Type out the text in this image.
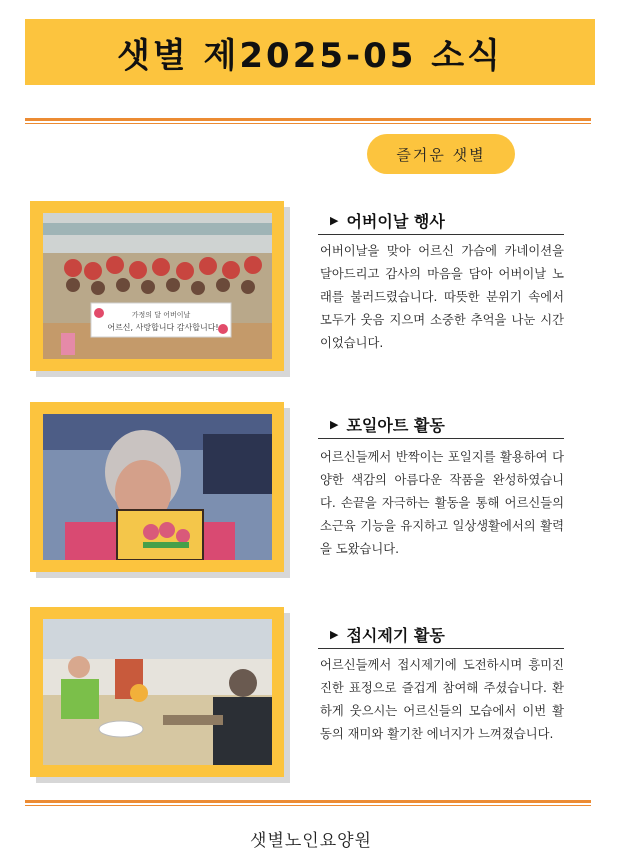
샛별 제2025-05 소식
즐거운 샛별
가정의 달 어버이날
어르신, 사랑합니다 감사합니다!
▶ 어버이날 행사
어버이날을 맞아 어르신 가슴에 카네이션을 달아드리고 감사의 마음을 담아 어버이날 노래를 불러드렸습니다. 따뜻한 분위기 속에서 모두가 웃음 지으며 소중한 추억을 나눈 시간이었습니다.
▶ 포일아트 활동
어르신들께서 반짝이는 포일지를 활용하여 다양한 색감의 아름다운 작품을 완성하였습니다. 손끝을 자극하는 활동을 통해 어르신들의 소근육 기능을 유지하고 일상생활에서의 활력을 도왔습니다.
▶ 접시제기 활동
어르신들께서 접시제기에 도전하시며 흥미진진한 표정으로 즐겁게 참여해 주셨습니다. 환하게 웃으시는 어르신들의 모습에서 이번 활동의 재미와 활기찬 에너지가 느껴졌습니다.
샛별노인요양원
